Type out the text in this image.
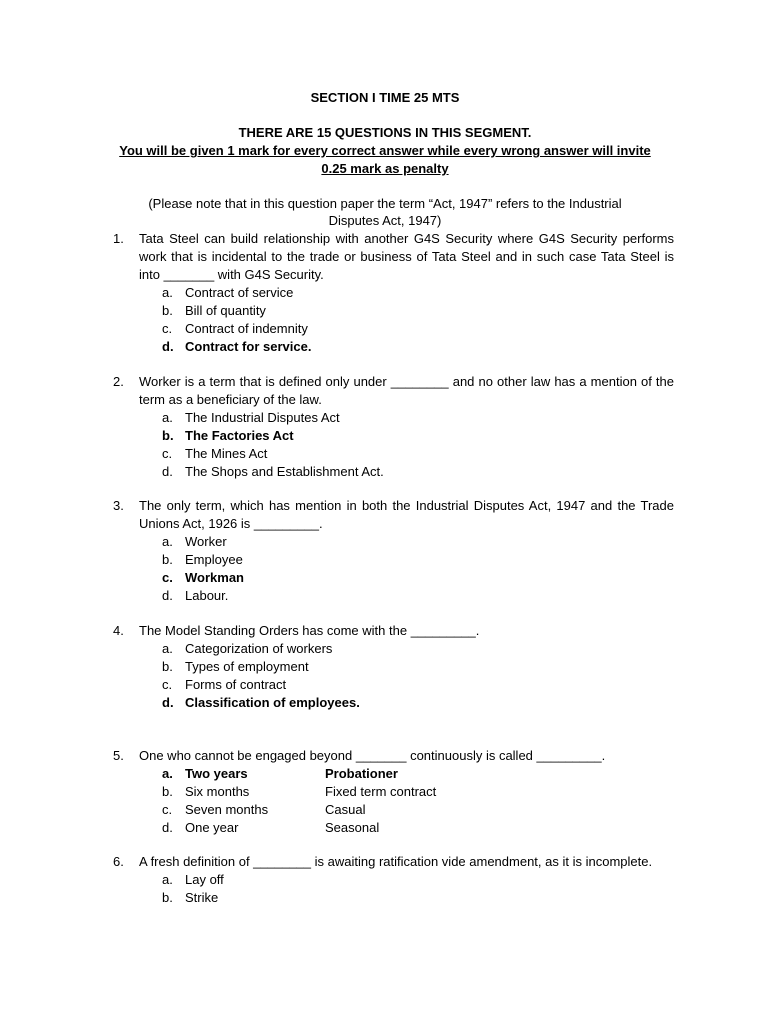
SECTION I TIME 25 MTS
THERE ARE 15 QUESTIONS IN THIS SEGMENT.
You will be given 1 mark for every correct answer while every wrong answer will invite
0.25 mark as penalty
(Please note that in this question paper the term “Act, 1947” refers to the Industrial
Disputes Act, 1947)
1.	Tata Steel can build relationship with another G4S Security where G4S Security performs work that is incidental to the trade or business of Tata Steel and in such case Tata Steel is into _______ with G4S Security.
a. Contract of service
b. Bill of quantity
c. Contract of indemnity
d. Contract for service.
2.	Worker is a term that is defined only under ________ and no other law has a mention of the term as a beneficiary of the law.
a. The Industrial Disputes Act
b. The Factories Act
c. The Mines Act
d. The Shops and Establishment Act.
3.	The only term, which has mention in both the Industrial Disputes Act, 1947 and the Trade Unions Act, 1926 is _________.
a. Worker
b. Employee
c. Workman
d. Labour.
4.	The Model Standing Orders has come with the _________.
a. Categorization of workers
b. Types of employment
c. Forms of contract
d. Classification of employees.
5.	One who cannot be engaged beyond _______ continuously is called _________.
a. Two years	Probationer
b. Six months	Fixed term contract
c. Seven months	Casual
d. One year	Seasonal
6.	A fresh definition of ________ is awaiting ratification vide amendment, as it is incomplete.
a. Lay off
b. Strike
